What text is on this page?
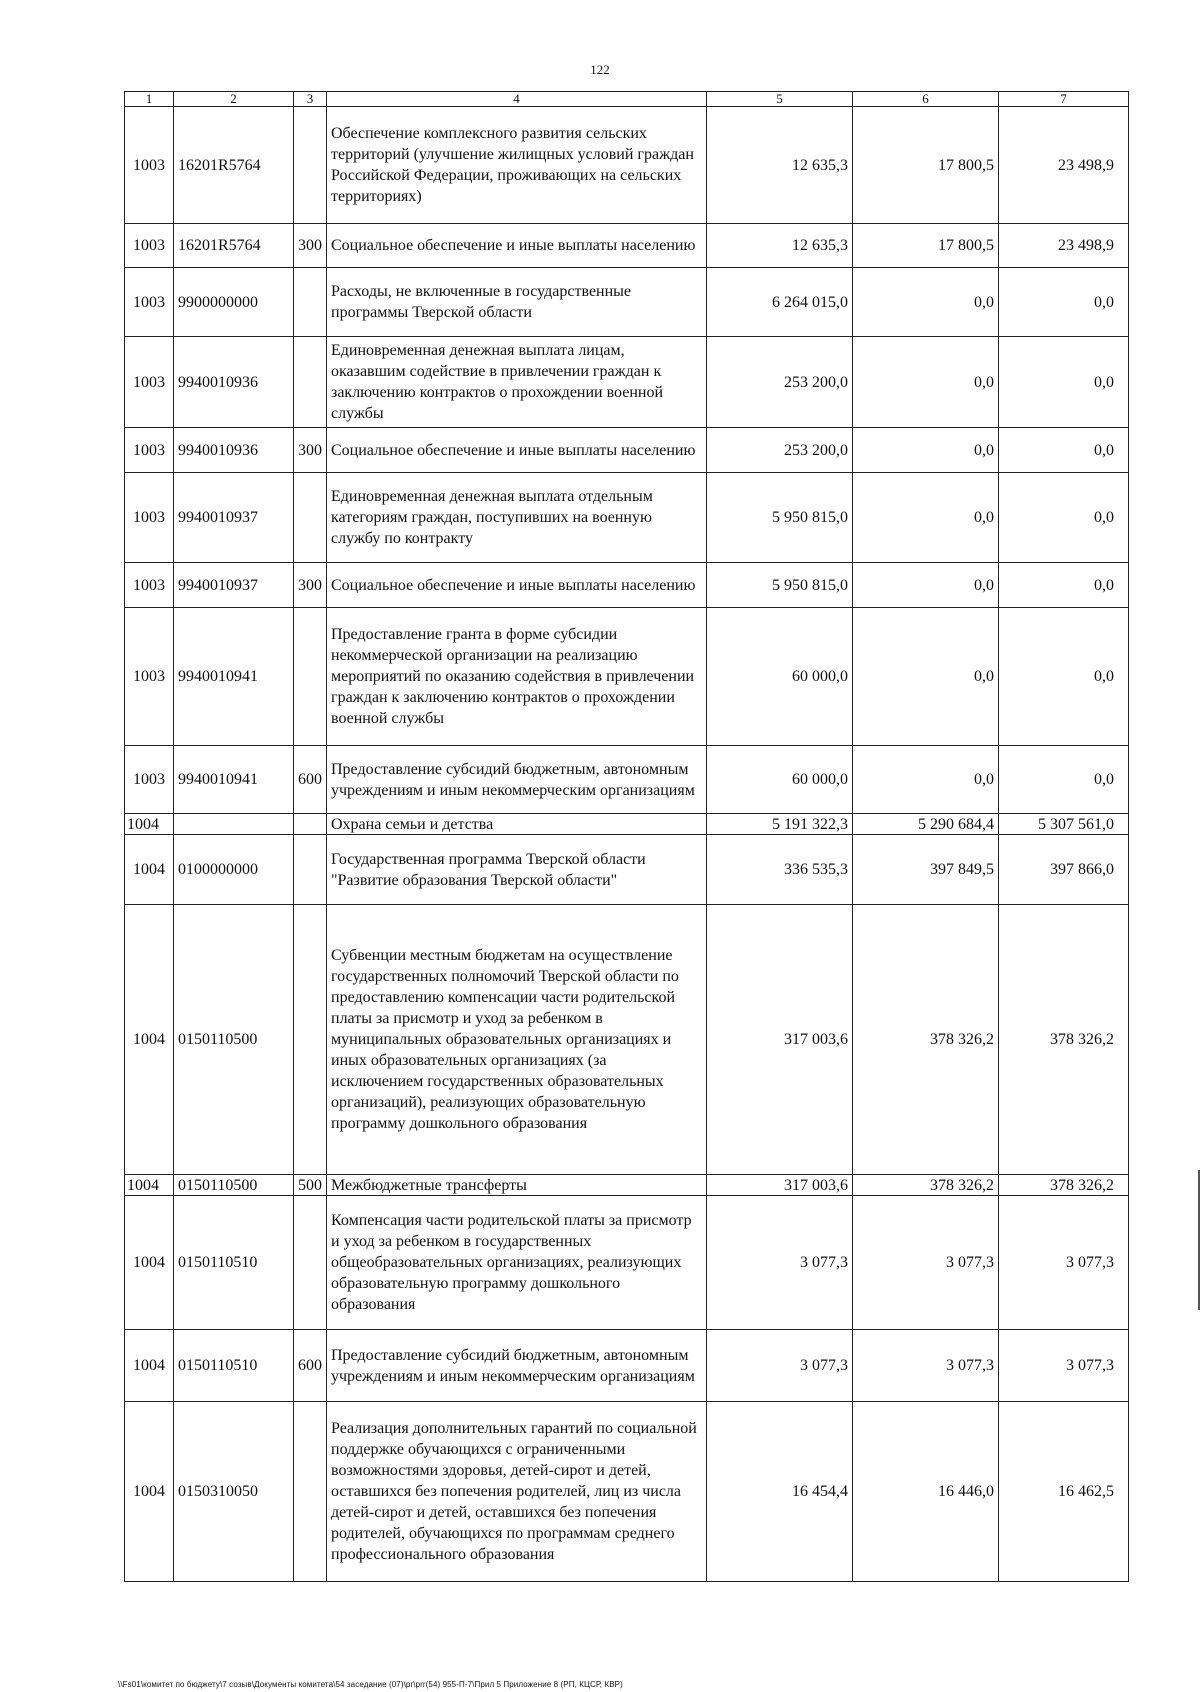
122
1	2	3	4	5	6	7
1003	16201R5764		Обеспечение комплексного развития сельских территорий (улучшение жилищных условий граждан Российской Федерации, проживающих на сельских территориях)	12 635,3	17 800,5	23 498,9
1003	16201R5764	300	Социальное обеспечение и иные выплаты населению	12 635,3	17 800,5	23 498,9
1003	9900000000		Расходы, не включенные в государственные программы Тверской области	6 264 015,0	0,0	0,0
1003	9940010936		Единовременная денежная выплата лицам, оказавшим содействие в привлечении граждан к заключению контрактов о прохождении военной службы	253 200,0	0,0	0,0
1003	9940010936	300	Социальное обеспечение и иные выплаты населению	253 200,0	0,0	0,0
1003	9940010937		Единовременная денежная выплата отдельным категориям граждан, поступивших на военную службу по контракту	5 950 815,0	0,0	0,0
1003	9940010937	300	Социальное обеспечение и иные выплаты населению	5 950 815,0	0,0	0,0
1003	9940010941		Предоставление гранта в форме субсидии некоммерческой организации на реализацию мероприятий по оказанию содействия в привлечении граждан к заключению контрактов о прохождении военной службы	60 000,0	0,0	0,0
1003	9940010941	600	Предоставление субсидий бюджетным, автономным учреждениям и иным некоммерческим организациям	60 000,0	0,0	0,0
1004			Охрана семьи и детства	5 191 322,3	5 290 684,4	5 307 561,0
1004	0100000000		Государственная программа Тверской области "Развитие образования Тверской области"	336 535,3	397 849,5	397 866,0
1004	0150110500		Субвенции местным бюджетам на осуществление государственных полномочий Тверской области по предоставлению компенсации части родительской платы за присмотр и уход за ребенком в муниципальных образовательных организациях и иных образовательных организациях (за исключением государственных образовательных организаций), реализующих образовательную программу дошкольного образования	317 003,6	378 326,2	378 326,2
1004	0150110500	500	Межбюджетные трансферты	317 003,6	378 326,2	378 326,2
1004	0150110510		Компенсация части родительской платы за присмотр и уход за ребенком в государственных общеобразовательных организациях, реализующих образовательную программу дошкольного образования	3 077,3	3 077,3	3 077,3
1004	0150110510	600	Предоставление субсидий бюджетным, автономным учреждениям и иным некоммерческим организациям	3 077,3	3 077,3	3 077,3
1004	0150310050		Реализация дополнительных гарантий по социальной поддержке обучающихся с ограниченными возможностями здоровья, детей-сирот и детей, оставшихся без попечения родителей, лиц из числа детей-сирот и детей, оставшихся без попечения родителей, обучающихся по программам среднего профессионального образования	16 454,4	16 446,0	16 462,5
\\Fs01\комитет по бюджету\7 созыв\Документы комитета\54 заседание (07)\pr\prr(54) 955-П-7\Прил 5 Приложение 8 (РП, КЦСР, КВР)
